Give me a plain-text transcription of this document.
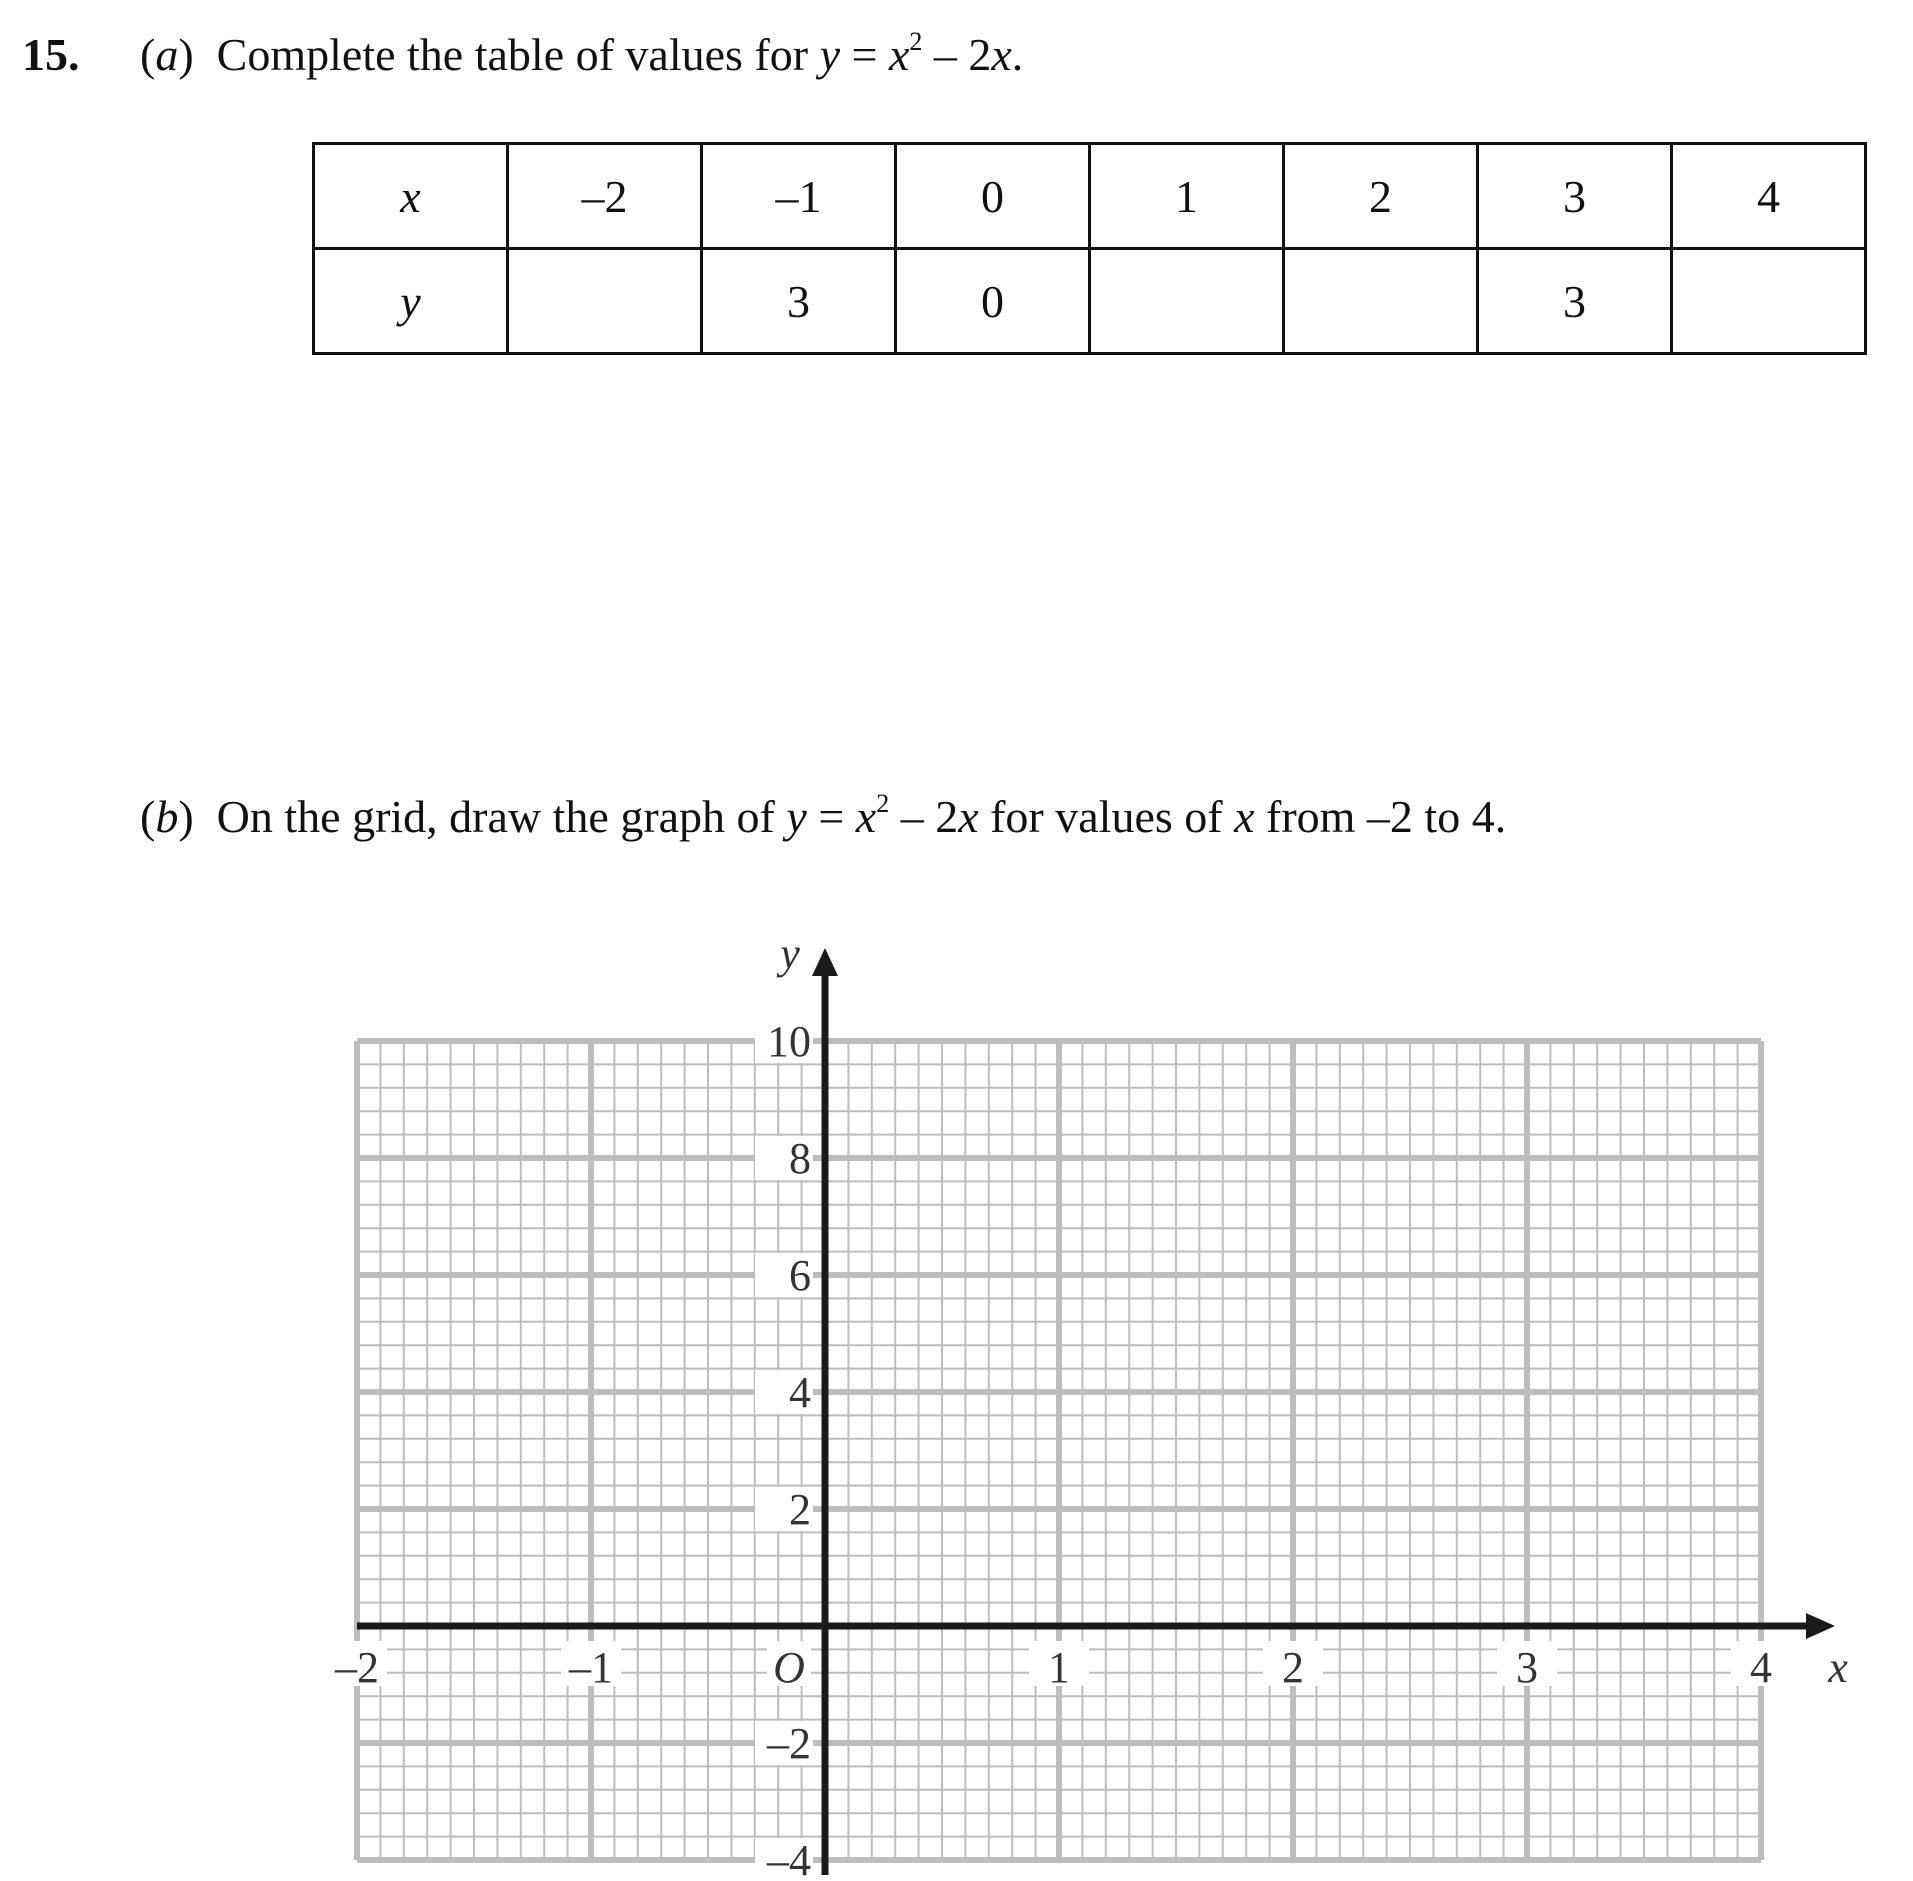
15. (a) Complete the table of values for $y = x^2 - 2x$.
x	–2	–1	0	1	2	3	4
y		3	0			3	
(b) On the grid, draw the graph of $y = x^2 - 2x$ for values of x from –2 to 4.
–2	–1	1	2	3	4
10
8
6
4
2
–2
–4
O	x
y
